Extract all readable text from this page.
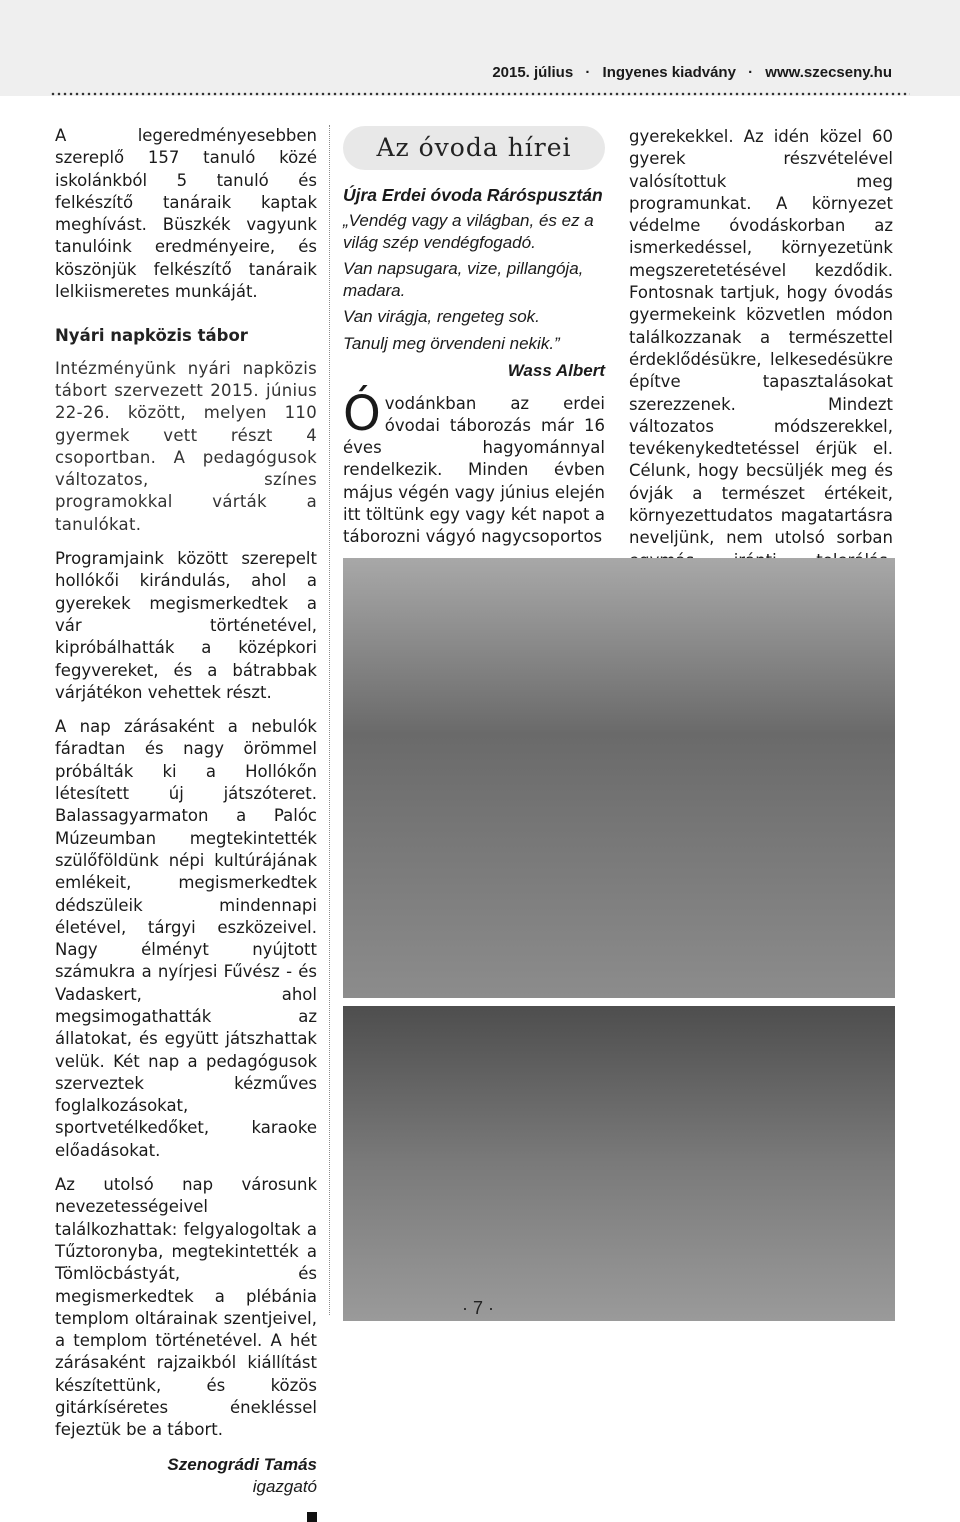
2015. július · Ingyenes kiadvány · www.szecseny.hu

A legeredményesebben szereplő 157 tanuló közé iskolánkból 5 tanuló és felkészítő tanáraik kaptak meghívást. Büszkék vagyunk tanulóink eredményeire, és köszönjük felkészítő tanáraik lelkiismeretes munkáját.

Nyári napközis tábor

Intézményünk nyári napközis tábort szervezett 2015. június 22-26. között, melyen 110 gyermek vett részt 4 csoportban. A pedagógusok változatos, színes programokkal várták a tanulókat.

Programjaink között szerepelt hollókői kirándulás, ahol a gyerekek megismerkedtek a vár történetével, kipróbálhatták a középkori fegyvereket, és a bátrabbak várjátékon vehettek részt.

A nap zárásaként a nebulók fáradtan és nagy örömmel próbálták ki a Hollókőn létesített új játszóteret. Balassagyarmaton a Palóc Múzeumban megtekintették szülőföldünk népi kultúrájának emlékeit, megismerkedtek dédszüleik mindennapi életével, tárgyi eszközeivel. Nagy élményt nyújtott számukra a nyírjesi Fűvész - és Vadaskert, ahol megsimogathatták az állatokat, és együtt játszhattak velük. Két nap a pedagógusok szerveztek kézműves foglalkozásokat, sportvetélkedőket, karaoke előadásokat.

Az utolsó nap városunk nevezetességeivel találkozhattak: felgyalogoltak a Tűztoronyba, megtekintették a Tömlöcbástyát, és megismerkedtek a plébánia templom oltárainak szentjeivel, a templom történetével. A hét zárásaként rajzaikból kiállítást készítettünk, és közös gitárkíséretes énekléssel fejeztük be a tábort.

Szenográdi Tamás
igazgató
Az óvoda hírei
Újra Erdei óvoda Ráróspusztán

„Vendég vagy a világban, és ez a világ szép vendégfogadó.

Van napsugara, vize, pillangója, madara.

Van virágja, rengeteg sok.

Tanulj meg örvendeni nekik.”

Wass Albert

Ó vodánkban az erdei óvodai táborozás már 16 éves hagyománnyal rendelkezik. Minden évben május végén vagy június elején itt töltünk egy vagy két napot a táborozni vágyó nagycsoportos

gyerekekkel. Az idén közel 60 gyerek részvételével valósítottuk meg programunkat. A környezet védelme óvodáskorban az ismerkedéssel, környezetünk megszeretetésével kezdődik. Fontosnak tartjuk, hogy óvodás gyermekeink közvetlen módon találkozzanak a természettel érdeklődésükre, lelkesedésükre építve tapasztalásokat szerezzenek. Mindezt változatos módszerekkel, tevékenykedtetéssel érjük el. Célunk, hogy becsüljék meg és óvják a természet értékeit, környezettudatos magatartásra neveljünk, nem utolsó sorban

· 7 ·
